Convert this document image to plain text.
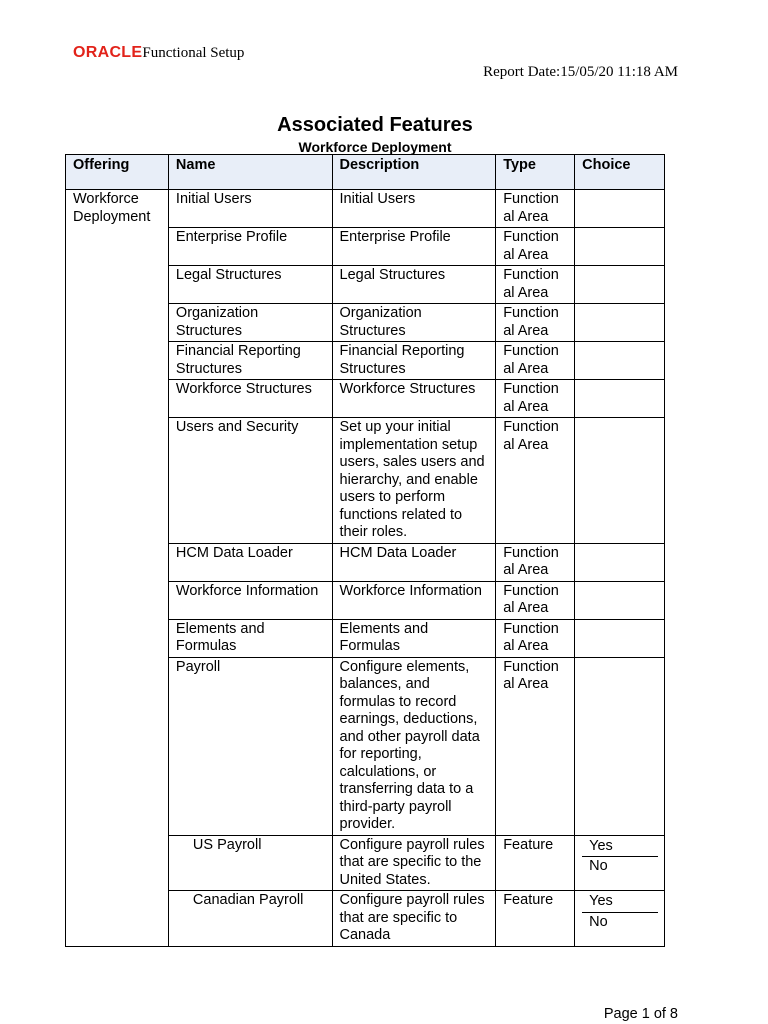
ORACLEFunctional Setup
Report Date:15/05/20 11:18 AM
Associated Features
Workforce Deployment
Offering	Name	Description	Type	Choice
Workforce Deployment	Initial Users	Initial Users	Function al Area	
	Enterprise Profile	Enterprise Profile	Function al Area	
	Legal Structures	Legal Structures	Function al Area	
	Organization Structures	Organization Structures	Function al Area	
	Financial Reporting Structures	Financial Reporting Structures	Function al Area	
	Workforce Structures	Workforce Structures	Function al Area	
	Users and Security	Set up your initial implementation setup users, sales users and hierarchy, and enable users to perform functions related to their roles.	Function al Area	
	HCM Data Loader	HCM Data Loader	Function al Area	
	Workforce Information	Workforce Information	Function al Area	
	Elements and Formulas	Elements and Formulas	Function al Area	
	Payroll	Configure elements, balances, and formulas to record earnings, deductions, and other payroll data for reporting, calculations, or transferring data to a third-party payroll provider.	Function al Area	
	US Payroll	Configure payroll rules that are specific to the United States.	Feature	Yes
No

	Canadian Payroll	Configure payroll rules that are specific to Canada	Feature	Yes
No
Page 1 of 8
